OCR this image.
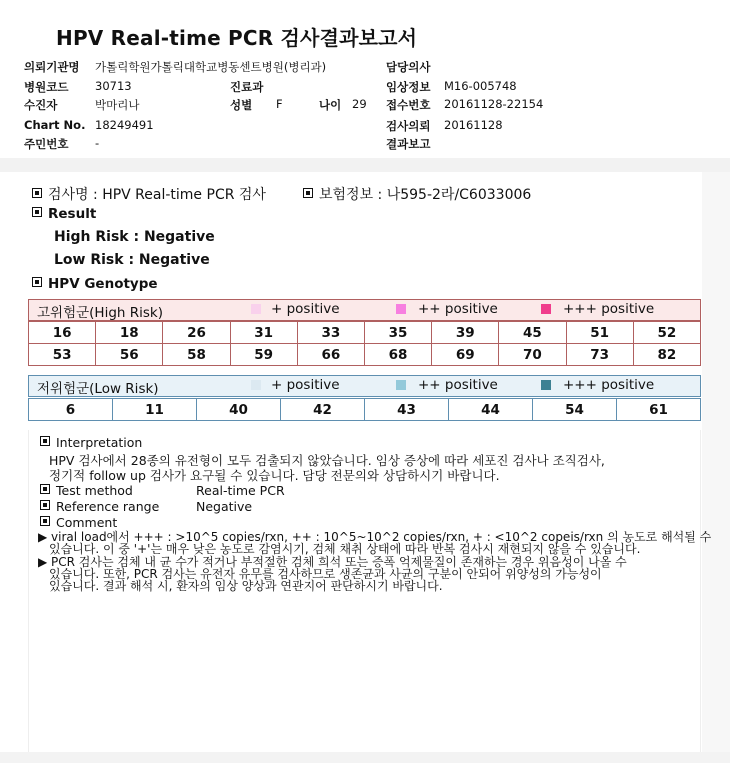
HPV Real-time PCR 검사결과보고서
의뢰기관명 가톨릭학원가톨릭대학교병동센트병원(병리과)	담당의사
병원코드 30713	진료과	임상정보 M16-005748
수진자	박마리나	성별 F	나이 29 접수번호 20161128-22154
Chart No. 18249491	검사의뢰 20161128
주민번호 -	결과보고
검사명 : HPV Real-time PCR 검사	보험정보 : 나595-2라/C6033006
Result
High Risk : Negative
Low Risk : Negative
HPV Genotype
고위험군(High Risk)	+ positive	++ positive	+++ positive
16	18	26	31	33	35	39	45	51	52
53	56	58	59	66	68	69	70	73	82
저위험군(Low Risk)	+ positive	++ positive	+++ positive
6	11	40	42	43	44	54	61
Interpretation
HPV 검사에서 28종의 유전형이 모두 검출되지 않았습니다. 임상 증상에 따라 세포진 검사나 조직검사,
정기적 follow up 검사가 요구될 수 있습니다. 담당 전문의와 상담하시기 바랍니다.
Test method	Real-time PCR
Reference range	Negative
Comment
▶ viral load에서 +++ : >10^5 copies/rxn, ++ : 10^5~10^2 copies/rxn, + : <10^2 copeis/rxn 의 농도로 해석될 수
있습니다. 이 중 '+'는 매우 낮은 농도로 감염시기, 검체 채취 상태에 따라 반복 검사시 재현되지 않을 수 있습니다.
▶ PCR 검사는 검체 내 균 수가 적거나 부적절한 검체 희석 또는 증폭 억제물질이 존재하는 경우 위음성이 나올 수
있습니다. 또한, PCR 검사는 유전자 유무를 검사하므로 생존균과 사균의 구분이 안되어 위양성의 가능성이
있습니다. 결과 해석 시, 환자의 임상 양상과 연관지어 판단하시기 바랍니다.
